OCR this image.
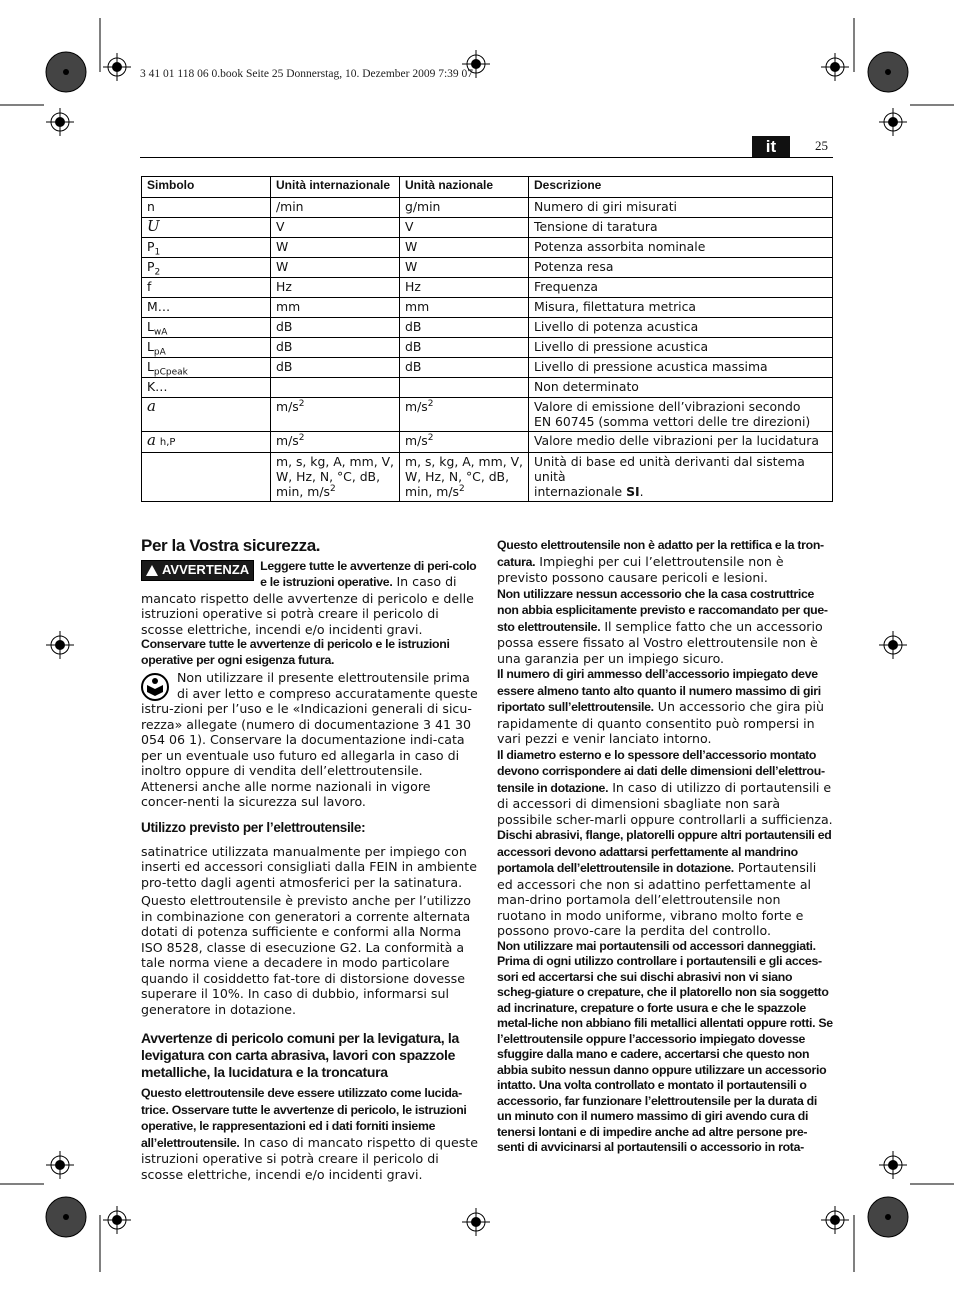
3 41 01 118 06 0.book Seite 25 Donnerstag, 10. Dezember 2009 7:39 07
it	25
Simbolo	Unità internazionale	Unità nazionale	Descrizione
n	/min	g/min	Numero di giri misurati
U	V	V	Tensione di taratura
$P_1$	W	W	Potenza assorbita nominale
$P_2$	W	W	Potenza resa
f	Hz	Hz	Frequenza
M…	mm	mm	Misura, filettatura metrica
$L_{wA}$	dB	dB	Livello di potenza acustica
$L_{pA}$	dB	dB	Livello di pressione acustica
$L_{pCpeak}$	dB	dB	Livello di pressione acustica massima
K…			Non determinato
a	$m/s^2$	$m/s^2$	Valore di emissione dell’vibrazioni secondo
EN 60745 (somma vettori delle tre direzioni)
a h,P	$m/s^2$	$m/s^2$	Valore medio delle vibrazioni per la lucidatura
	m, s, kg, A, mm, V,
W, Hz, N, °C, dB,
min, $m/s^2$	m, s, kg, A, mm, V,
W, Hz, N, °C, dB,
min, $m/s^2$	Unità di base ed unità derivanti dal sistema unità
internazionale SI.
Per la Vostra sicurezza.
AVVERTENZA Leggere tutte le avvertenze di peri-colo e le istruzioni operative. In caso di mancato rispetto delle avvertenze di pericolo e delle istruzioni operative si potrà creare il pericolo di scosse elettriche, incendi e/o incidenti gravi.

Conservare tutte le avvertenze di pericolo e le istruzioni operative per ogni esigenza futura.

Non utilizzare il presente elettroutensile prima di aver letto e compreso accuratamente queste istru-zioni per l’uso e le «Indicazioni generali di sicu-rezza» allegate (numero di documentazione 3 41 30 054 06 1). Conservare la documentazione indi-cata per un eventuale uso futuro ed allegarla in caso di inoltro oppure di vendita dell’elettroutensile.

Attenersi anche alle norme nazionali in vigore concer-nenti la sicurezza sul lavoro.

Utilizzo previsto per l’elettroutensile:

satinatrice utilizzata manualmente per impiego con inserti ed accessori consigliati dalla FEIN in ambiente pro-tetto dagli agenti atmosferici per la satinatura.

Questo elettroutensile è previsto anche per l’utilizzo in combinazione con generatori a corrente alternata dotati di potenza sufficiente e conformi alla Norma ISO 8528, classe di esecuzione G2. La conformità a tale norma viene a decadere in modo particolare quando il cosiddetto fat-tore di distorsione dovesse superare il 10%. In caso di dubbio, informarsi sul generatore in dotazione.

Avvertenze di pericolo comuni per la levigatura, la levigatura con carta abrasiva, lavori con spazzole metalliche, la lucidatura e la troncatura

Questo elettroutensile deve essere utilizzato come lucida-trice. Osservare tutte le avvertenze di pericolo, le istruzioni operative, le rappresentazioni ed i dati forniti insieme all’elettroutensile. In caso di mancato rispetto di queste istruzioni operative si potrà creare il pericolo di scosse elettriche, incendi e/o incidenti gravi.

Questo elettroutensile non è adatto per la rettifica e la tron-catura. Impieghi per cui l’elettroutensile non è previsto possono causare pericoli e lesioni.

Non utilizzare nessun accessorio che la casa costruttrice non abbia esplicitamente previsto e raccomandato per que-sto elettroutensile. Il semplice fatto che un accessorio possa essere fissato al Vostro elettroutensile non è una garanzia per un impiego sicuro.

Il numero di giri ammesso dell’accessorio impiegato deve essere almeno tanto alto quanto il numero massimo di giri riportato sull’elettroutensile. Un accessorio che gira più rapidamente di quanto consentito può rompersi in vari pezzi e venir lanciato intorno.

Il diametro esterno e lo spessore dell’accessorio montato devono corrispondere ai dati delle dimensioni dell’elettrou-tensile in dotazione. In caso di utilizzo di portautensili e di accessori di dimensioni sbagliate non sarà possibile scher-marli oppure controllarli a sufficienza.

Dischi abrasivi, flange, platorelli oppure altri portautensili ed accessori devono adattarsi perfettamente al mandrino portamola dell’elettroutensile in dotazione. Portautensili ed accessori che non si adattino perfettamente al man-drino portamola dell’elettroutensile non ruotano in modo uniforme, vibrano molto forte e possono provo-care la perdita del controllo.

Non utilizzare mai portautensili od accessori danneggiati. Prima di ogni utilizzo controllare i portautensili e gli acces-sori ed accertarsi che sui dischi abrasivi non vi siano scheg-giature o crepature, che il platorello non sia soggetto ad incrinature, crepature o forte usura e che le spazzole metal-liche non abbiano fili metallici allentati oppure rotti. Se l’elettroutensile oppure l’accessorio impiegato dovesse sfuggire dalla mano e cadere, accertarsi che questo non abbia subito nessun danno oppure utilizzare un accessorio intatto. Una volta controllato e montato il portautensili o accessorio, far funzionare l’elettroutensile per la durata di un minuto con il numero massimo di giri avendo cura di tenersi lontani e di impedire anche ad altre persone pre-senti di avvicinarsi al portautensili o accessorio in rota-
